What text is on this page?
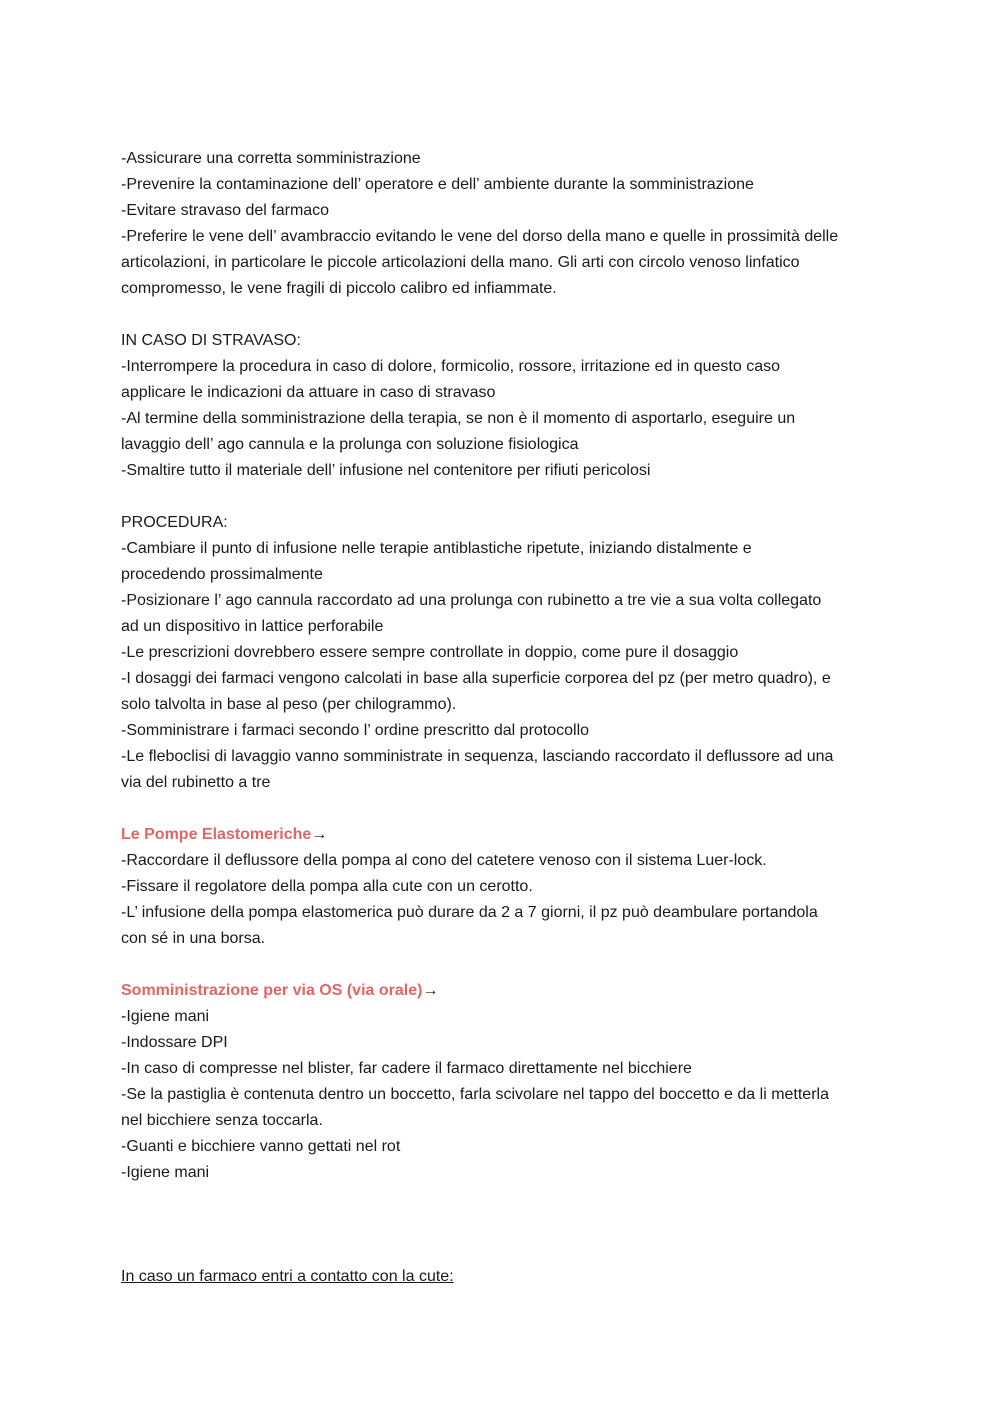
-Assicurare una corretta somministrazione
-Prevenire la contaminazione dell’ operatore e dell’ ambiente durante la somministrazione
-Evitare stravaso del farmaco
-Preferire le vene dell’ avambraccio evitando le vene del dorso della mano e quelle in prossimità delle
articolazioni, in particolare le piccole articolazioni della mano. Gli arti con circolo venoso linfatico
compromesso, le vene fragili di piccolo calibro ed infiammate.
IN CASO DI STRAVASO:
-Interrompere la procedura in caso di dolore, formicolio, rossore, irritazione ed in questo caso
applicare le indicazioni da attuare in caso di stravaso
-Al termine della somministrazione della terapia, se non è il momento di asportarlo, eseguire un
lavaggio dell’ ago cannula e la prolunga con soluzione fisiologica
-Smaltire tutto il materiale dell’ infusione nel contenitore per rifiuti pericolosi
PROCEDURA:
-Cambiare il punto di infusione nelle terapie antiblastiche ripetute, iniziando distalmente e
procedendo prossimalmente
-Posizionare l’ ago cannula raccordato ad una prolunga con rubinetto a tre vie a sua volta collegato
ad un dispositivo in lattice perforabile
-Le prescrizioni dovrebbero essere sempre controllate in doppio, come pure il dosaggio
-I dosaggi dei farmaci vengono calcolati in base alla superficie corporea del pz (per metro quadro), e
solo talvolta in base al peso (per chilogrammo).
-Somministrare i farmaci secondo l’ ordine prescritto dal protocollo
-Le fleboclisi di lavaggio vanno somministrate in sequenza, lasciando raccordato il deflussore ad una
via del rubinetto a tre
Le Pompe Elastomeriche→
-Raccordare il deflussore della pompa al cono del catetere venoso con il sistema Luer-lock.
-Fissare il regolatore della pompa alla cute con un cerotto.
-L’ infusione della pompa elastomerica può durare da 2 a 7 giorni, il pz può deambulare portandola
con sé in una borsa.
Somministrazione per via OS (via orale)→
-Igiene mani
-Indossare DPI
-In caso di compresse nel blister, far cadere il farmaco direttamente nel bicchiere
-Se la pastiglia è contenuta dentro un boccetto, farla scivolare nel tappo del boccetto e da li metterla
nel bicchiere senza toccarla.
-Guanti e bicchiere vanno gettati nel rot
-Igiene mani
In caso un farmaco entri a contatto con la cute:
